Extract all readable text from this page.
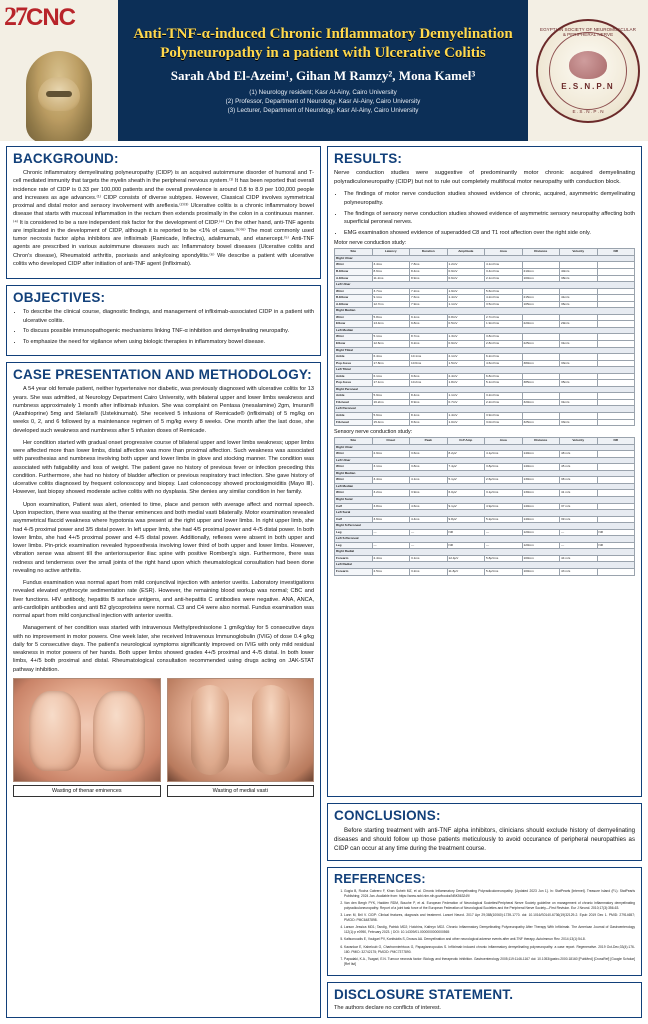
27CNC
Anti-TNF-α-induced Chronic Inflammatory Demyelination Polyneuropathy in a patient with Ulcerative Colitis
Sarah Abd El-Azeim¹, Gihan M Ramzy², Mona Kamel³
(1) Neurology resident; Kasr Al-Ainy, Cairo University
(2) Professor, Department of Neurology, Kasr Al-Ainy, Cairo University
(3) Lecturer, Department of Neurology, Kasr Al-Ainy, Cairo University
EGYPTIAN SOCIETY OF NEUROMUSCULAR & PERIPHERAL NERVE
E.S.N.P.N
E . S . N . P . N
BACKGROUND:

Chronic inflammatory demyelinating polyneuropathy (CIDP) is an acquired autoimmune disorder of humoral and T-cell mediated immunity that targets the myelin sheath in the peripheral nervous system.⁽¹⁾ It has been reported that overall incidence rate of CIDP is 0.33 per 100,000 patients and the overall prevalence is around 0.8 to 8.9 per 100,000 people and increases as age advances.⁽¹⁾ CIDP consists of diverse subtypes. However, Classical CIDP involves symmetrical proximal and distal motor and sensory involvement with areflexia.⁽²⁾⁽³⁾ Ulcerative colitis is a chronic inflammatory bowel disease that starts with mucosal inflammation in the rectum then extends proximally in the colon in a continuous manner.⁽⁴⁾ It is considered to be a rare independent risk factor for the development of CIDP.⁽⁴⁾ On the other hand, anti-TNF agents are implicated in the development of CIDP, although it is reported to be <1% of cases.⁽⁵⁾⁽⁶⁾ The most commonly used tumor necrosis factor alpha inhibitors are infliximab (Ramicade, Inflectra), adalimumab, and etanercept.⁽⁵⁾ Anti-TNF agents are prescribed in various autoimmune diseases such as: Inflammatory bowel diseases (Ulcerative colitis and Chron's disease), Rheumatoid arthritis, psoriasis and ankylosing spondylitis.⁽⁶⁾ We describe a patient with ulcerative colitis who developed CIDP after initiation of anti-TNF agent (Infliximab).

OBJECTIVES:
• To describe the clinical course, diagnostic findings, and management of infliximab-associated CIDP in a patient with ulcerative colitis.
• To discuss possible immunopathogenic mechanisms linking TNF-α inhibition and demyelinating neuropathy.
• To emphasize the need for vigilance when using biologic therapies in inflammatory bowel disease.
CASE PRESENTATION AND METHODOLOGY:

A 54 year old female patient, neither hypertensive nor diabetic, was previously diagnosed with ulcerative colitis for 13 years. She was admitted, at Neurology Department Cairo University, with bilateral upper and lower limbs weakness and numbness approximately 1 month after infliximab infusion. She was complaint on Pentasa (mesalamine) 2gm, Imuran® (Azathioprine) 5mg and Stelara® (Ustekinumab). She received 5 infusions of Remicade® (infliximab) of 5 mg/kg on weeks 0, 2, and 6 followed by a maintenance regimen of 5 mg/kg every 8 weeks. One month after the last dose, she developed such weakness and numbness after 5 infusion doses of Remicade.

Her condition started with gradual onset progressive course of bilateral upper and lower limbs weakness; upper limbs were affected more than lower limbs, distal affection was more than proximal affection. Such weakness was associated with paresthesias and numbness involving both upper and lower limbs in glove and stocking manner. The condition was associated with fatigability and loss of weight. The patient gave no history of previous fever or infection preceding this condition. Furthermore, she had no history of bladder affection or previous respiratory tract infection. She gave history of ulcerative colitis diagnosed by frequent colonoscopy and biopsy. Last colonoscopy showed proctosigmoiditis (Mayo Ⅲ). However, last biopsy showed moderate active colitis with no dysplasia. She denies any similar condition in her family.

Upon examination, Patient was alert, oriented to time, place and person with average affect and normal speech. Upon inspection, there was wasting at the thenar eminences and both medial vasti bilaterally. Motor examination revealed asymmetrical flaccid weakness where hypotonia was present at the right upper and lower limbs. In right upper limb, she had 4-/5 proximal power and 3/5 distal power. In left upper limb, she had 4/5 proximal power and 4-/5 distal power. In both lower limbs, she had 4+/5 proximal power and 4-/5 distal power. Additionally, reflexes were absent in both upper and lower limbs. Pin-prick examination revealed hypoesthesia involving lower third of both upper and lower limbs. However, vibration sense was absent till the anteriorsuperior iliac spine with positive Romberg's sign. Furthermore, there was redness and tenderness over the small joints of the right hand upon which rheumatological consultation had been done revealing no active arthritis.

Fundus examination was normal apart from mild conjunctival injection with anterior uveitis. Laboratory investigations revealed elevated erythrocyte sedimentation rate (ESR). However, the remaining blood workup was normal; CBC and liver functions. HIV antibody, hepatitis B surface antigens, and anti-hepatitis C antibodies were negative. ANA, ANCA, anti-cardiolipin antibodies and anti B2 glycoproteins were normal. C3 and C4 were also normal. Fundus examination was normal apart from mild conjunctival injection with anterior uveitis.

Management of her condition was started with intravenous Methylprednisolone 1 gm/kg/day for 5 consecutive days with no improvement in motor powers. One week later, she received Intravenous Immunoglobulin (IVIG) of dose 0.4 g/kg daily for 5 consecutive days. The patient's neurological symptoms significantly improved on IVIG with only mild residual weakness in motor powers of her hands. Both upper limbs showed grades 4+/5 proximal and 4-/5 distal. In both lower limbs, 4+/5 both proximal and distal. Rheumatological consultation recommended using drugs acting on JAK-STAT pathway inhibition.

Wasting of thenar eminences	Wasting of medial vasti
RESULTS:

Nerve conduction studies were suggestive of predominantly motor chronic acquired demyelinating polyradiculoneuropathy (CIDP) but not to rule out completely multifocal motor neuropathy with conduction block.

• The findings of motor nerve conduction studies showed evidence of chronic, acquired, asymmetric demyelinating polyneuropathy.
• The findings of sensory nerve conduction studies showed evidence of asymmetric sensory neuropathy affecting both superficial peroneal nerves.
• EMG examination showed evidence of superadded C8 and T1 root affection over the right side only.
Motor nerve conduction study:
Site	Latency	Duration	Amplitude	Area	Distance	Velocity	NR
Right Ulnar							
Wrist	3.4ms	7.8ms	1.2mV	4.1mVms			
B.Elbow	8.6ms	8.4ms	0.9mV	3.4mVms	210mm	40m/s	
A.Elbow	11.2ms	8.9ms	0.6mV	2.1mVms	100mm	38m/s	
Left Ulnar							
Wrist	3.7ms	7.2ms	1.9mV	5.6mVms			
B.Elbow	9.1ms	7.6ms	1.4mV	4.2mVms	215mm	41m/s	
A.Elbow	12.7ms	7.9ms	1.1mV	3.5mVms	105mm	36m/s	
Right Median							
Wrist	5.8ms	9.1ms	0.8mV	2.7mVms			
Elbow	13.4ms	9.8ms	0.5mV	1.9mVms	220mm	29m/s	
Left Median							
Wrist	5.1ms	8.7ms	1.3mV	3.8mVms			
Elbow	12.6ms	9.2ms	0.9mV	2.8mVms	225mm	31m/s	
Right Tibial							
Ankle	6.4ms	10.1ms	2.1mV	6.2mVms			
Pop.fossa	17.8ms	10.6ms	1.5mV	4.6mVms	380mm	33m/s	
Left Tibial							
Ankle	6.1ms	9.6ms	2.4mV	6.8mVms			
Pop.fossa	17.1ms	10.2ms	1.8mV	5.1mVms	385mm	35m/s	
Right Peroneal							
Ankle	5.9ms	8.4ms	1.1mV	3.2mVms			
Fib.head	16.2ms	8.9ms	0.7mV	2.2mVms	320mm	31m/s	
Left Peroneal							
Ankle	5.6ms	8.1ms	1.4mV	3.9mVms			
Fib.head	15.4ms	8.6ms	1.0mV	3.0mVms	325mm	33m/s	
Sensory nerve conduction study:
Site	Onset	Peak	O-P Amp	Area	Distance	Velocity	NR
Right Ulnar							
Wrist	2.9ms	3.6ms	8.2µV	4.1µVms	140mm	48 m/s	
Left Ulnar							
Wrist	3.1ms	3.8ms	7.4µV	3.8µVms	140mm	45 m/s	
Right Median							
Wrist	3.4ms	4.1ms	5.1µV	2.6µVms	130mm	38 m/s	
Left Median							
Wrist	3.2ms	3.9ms	6.0µV	3.1µVms	130mm	41 m/s	
Right Sural							
Calf	3.8ms	4.6ms	9.1µV	4.9µVms	140mm	37 m/s	
Left Sural							
Calf	3.6ms	4.4ms	9.8µV	5.2µVms	140mm	39 m/s	
Right S.Peroneal							
Leg	—	—	NR	—	120mm	—	NR
Left S.Peroneal							
Leg	—	—	NR	—	120mm	—	NR
Right Radial							
Forearm	2.4ms	3.1ms	12.4µV	5.8µVms	100mm	44 m/s	
Left Radial							
Forearm	2.5ms	3.2ms	11.8µV	5.4µVms	100mm	43 m/s	
CONCLUSIONS:

Before starting treatment with anti-TNF alpha inhibitors, clinicians should exclude history of demyelinating diseases and should follow up those patients meticulously to avoid occurance of peripheral neuropathies as CIDP can occur at any time during the treatment course.

REFERENCES:
1. Gogia B, Rocha Cabrero F, Khan Suheb MZ, et al. Chronic Inflammatory Demyelinating Polyradiculoneuropathy. [Updated 2023 Jun 1]. In: StatPearls [Internet]. Treasure Island (FL): StatPearls Publishing; 2024 Jan. Available from: https://www.ncbi.nlm.nih.gov/books/NBK563249/
2. Van den Bergh PYK, Hadden RDM, Bouche P, et al. European Federation of Neurological Societies/Peripheral Nerve Society guideline on management of chronic inflammatory demyelinating polyradiculoneuropathy: Report of a joint task force of the European Federation of Neurological Societies and the Peripheral Nerve Society—First Revision. Eur J Neurol. 2010;17(3):356-63.
3. Lunn M, Bril V. CIDP: Clinical features, diagnosis and treatment. Lancet Neurol. 2017 Apr 29;388(10060):1739-1770. doi: 10.1016/S0140-6736(19)32129-2. Epub 2019 Dec 1. PMID: 27914657; PMCID: PMC6487898.
4. Larson Jessica MD1; Tandig, Patrick MD2; Hutchins, Kathryn MD2. Chronic Inflammatory Demyelinating Polyneuropathy After Therapy With Infliximab. The American Journal of Gastroenterology 112(1):p e0950, February 2023. | DOI: 10.14309/01.0000000000000565
5. Kaltsonoudis E, Voulgari PV, Konitsiotis S, Drosos AA. Demyelination and other neurological adverse events after anti-TNF therapy. Autoimmun Rev. 2014;13(1):54-8.
6. Kavankar E, Kabeloub O, Charbonnierbtous G, Papagiannopoulos S. Infliximab induced chronic inflammatory demyelinating polyneuropathy: a case report. Regenerative. 2019 Oct-Dec;33(4):176-180. PMID: 32742175; PMCID: PMC7377890.
7. Papadaki, K.A., Tsagari, E.N. Tumour necrosis factor: Biology and therapeutic inhibition. Gastroenterology 2005;119:1146-1167 doi: 10.1053/gastro.2000.18160 [PubMed] [CrossRef] [Google Scholar] [Ref list]
DISCLOSURE STATEMENT.

The authors declare no conflicts of interest.
